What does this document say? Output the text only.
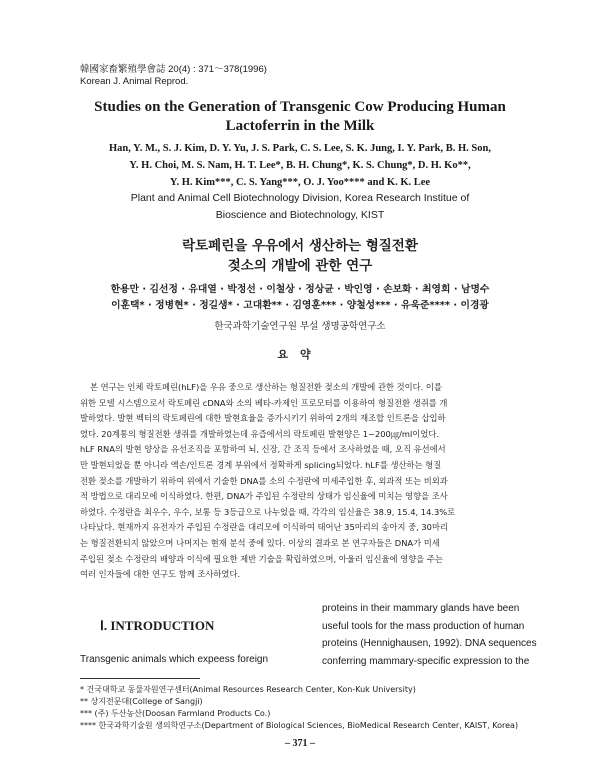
韓國家畜繁殖學會誌 20(4) : 371～378(1996)
Korean J. Animal Reprod.
Studies on the Generation of Transgenic Cow Producing Human
Lactoferrin in the Milk
Han, Y. M., S. J. Kim, D. Y. Yu, J. S. Park, C. S. Lee, S. K. Jung, I. Y. Park, B. H. Son,
Y. H. Choi, M. S. Nam, H. T. Lee*, B. H. Chung*, K. S. Chung*, D. H. Ko**,
Y. H. Kim***, C. S. Yang***, O. J. Yoo**** and K. K. Lee
Plant and Animal Cell Biotechnology Division, Korea Research Institue of
Bioscience and Biotechnology, KIST
락토페린을 우유에서 생산하는 형질전환
젖소의 개발에 관한 연구
한용만 · 김선정 · 유대열 · 박정선 · 이철상 · 정상균 · 박인영 · 손보화 · 최영희 · 남명수
이훈택* · 정병현* · 정길생* · 고대환** · 김영훈*** · 양철성*** · 유욱준**** · 이경광
한국과학기술연구원 부설 생명공학연구소
요약
본 연구는 인체 락토페린(hLF)을 우유 중으로 생산하는 형질전환 젖소의 개발에 관한 것이다. 이를
위한 모델 시스템으로서 락토페린 cDNA와 소의 베타-카제인 프로모터를 이용하여 형질전환 생쥐를 개
발하였다. 발현 벡터의 락토페린에 대한 발현효율을 증가시키기 위하여 2개의 재조합 인트론을 삽입하
였다. 20계통의 형질전환 생쥐를 개발하였는데 유즙에서의 락토페린 발현양은 1~200㎍/ml이었다.
hLF RNA의 발현 양상을 유선조직을 포함하여 뇌, 신장, 간 조직 등에서 조사하였을 때, 오직 유선에서
만 발현되었을 뿐 아니라 엑손/인트론 경계 부위에서 정확하게 splicing되었다. hLF를 생산하는 형질
전환 젖소를 개발하기 위하여 위에서 기술한 DNA를 소의 수정란에 미세주입한 후, 외과적 또는 비외과
적 방법으로 대리모에 이식하였다. 한편, DNA가 주입된 수정란의 상태가 임신율에 미치는 영향을 조사
하였다. 수정란을 최우수, 우수, 보통 등 3등급으로 나누었을 때, 각각의 임신율은 38.9, 15.4, 14.3%로
나타났다. 현재까지 유전자가 주입된 수정란을 대리모에 이식하여 태어난 35마리의 송아지 중, 30마리
는 형질전환되지 않았으며 나머지는 현재 분석 중에 있다. 이상의 결과로 본 연구자들은 DNA가 미세
주입된 젖소 수정란의 배양과 이식에 필요한 제반 기술을 확립하였으며, 아울러 임신율에 영향을 주는
여러 인자들에 대한 연구도 함께 조사하였다.
Ⅰ. INTRODUCTION
Transgenic animals which expeess foreign
proteins in their mammary glands have been
useful tools for the mass production of human
proteins (Hennighausen, 1992). DNA sequences
conferring mammary-specific expression to the
* 건국대학교 동물자원연구센터(Animal Resources Research Center, Kon-Kuk University)
** 상지전문대(College of Sangji)
*** (주) 두산농산(Doosan Farmland Products Co.)
**** 한국과학기술원 생의학연구소(Department of Biological Sciences, BioMedical Research Center, KAIST, Korea)
– 371 –
